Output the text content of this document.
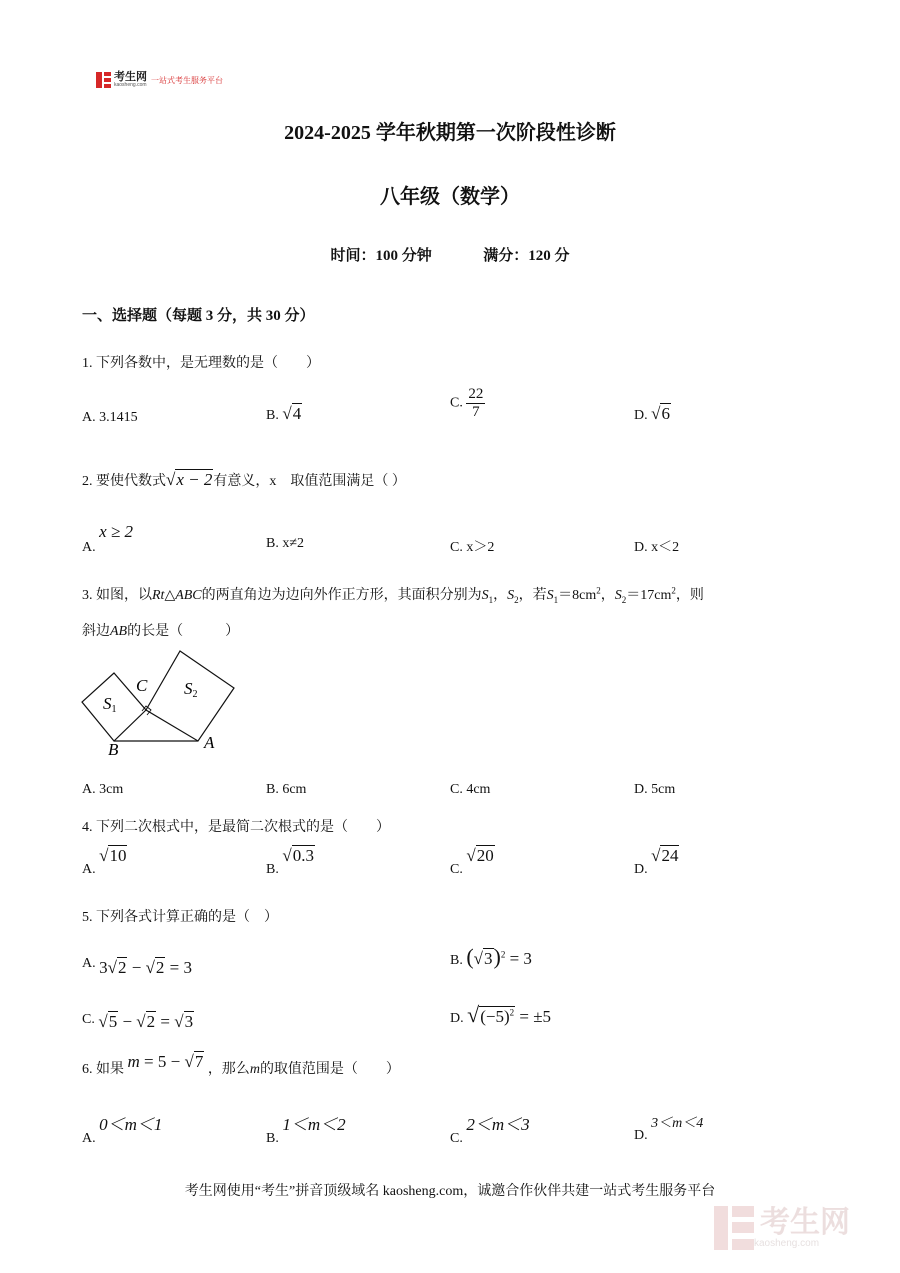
考生网
kaosheng.com
一站式考生服务平台
2024-2025 学年秋期第一次阶段性诊断
八年级（数学）
时间：100 分钟	满分：120 分
一、选择题（每题 3 分，共 30 分）
1. 下列各数中，是无理数的是（　　）
A. 3.1415	B. √4
C. $\frac{22}{7}$	D. √6
2. 要使代数式√x − 2有意义，x　取值范围满足（ ）
A. x ≥ 2
B. x≠2	C. x＞2	D. x＜2
3. 如图，以Rt△ABC的两直角边为边向外作正方形，其面积分别为$S_1$，$S_2$，若$S_1=8cm^2$，$S_2=17cm^2$，则
斜边AB的长是（　　　）
C
S1
S2
B	A
A. 3cm	B. 6cm	C. 4cm	D. 5cm
4. 下列二次根式中，是最简二次根式的是（　　）
A. √10
B. √0.3
C. √20
D. √24
5. 下列各式计算正确的是（　）
A. 3√2 − √2 = 3	B. $(√3)^2 = 3$
C. √5 − √2 = √3	D. $√(-5)^2 = \pm 5$
6. 如果 m = 5 − √7 ，那么m的取值范围是（　　）
A. 0＜m＜1
B. 1＜m＜2
C. 2＜m＜3
D. 3＜m＜4
考生网使用“考生”拼音顶级域名 kaosheng.com，诚邀合作伙伴共建一站式考生服务平台
考生网
kaosheng.com
